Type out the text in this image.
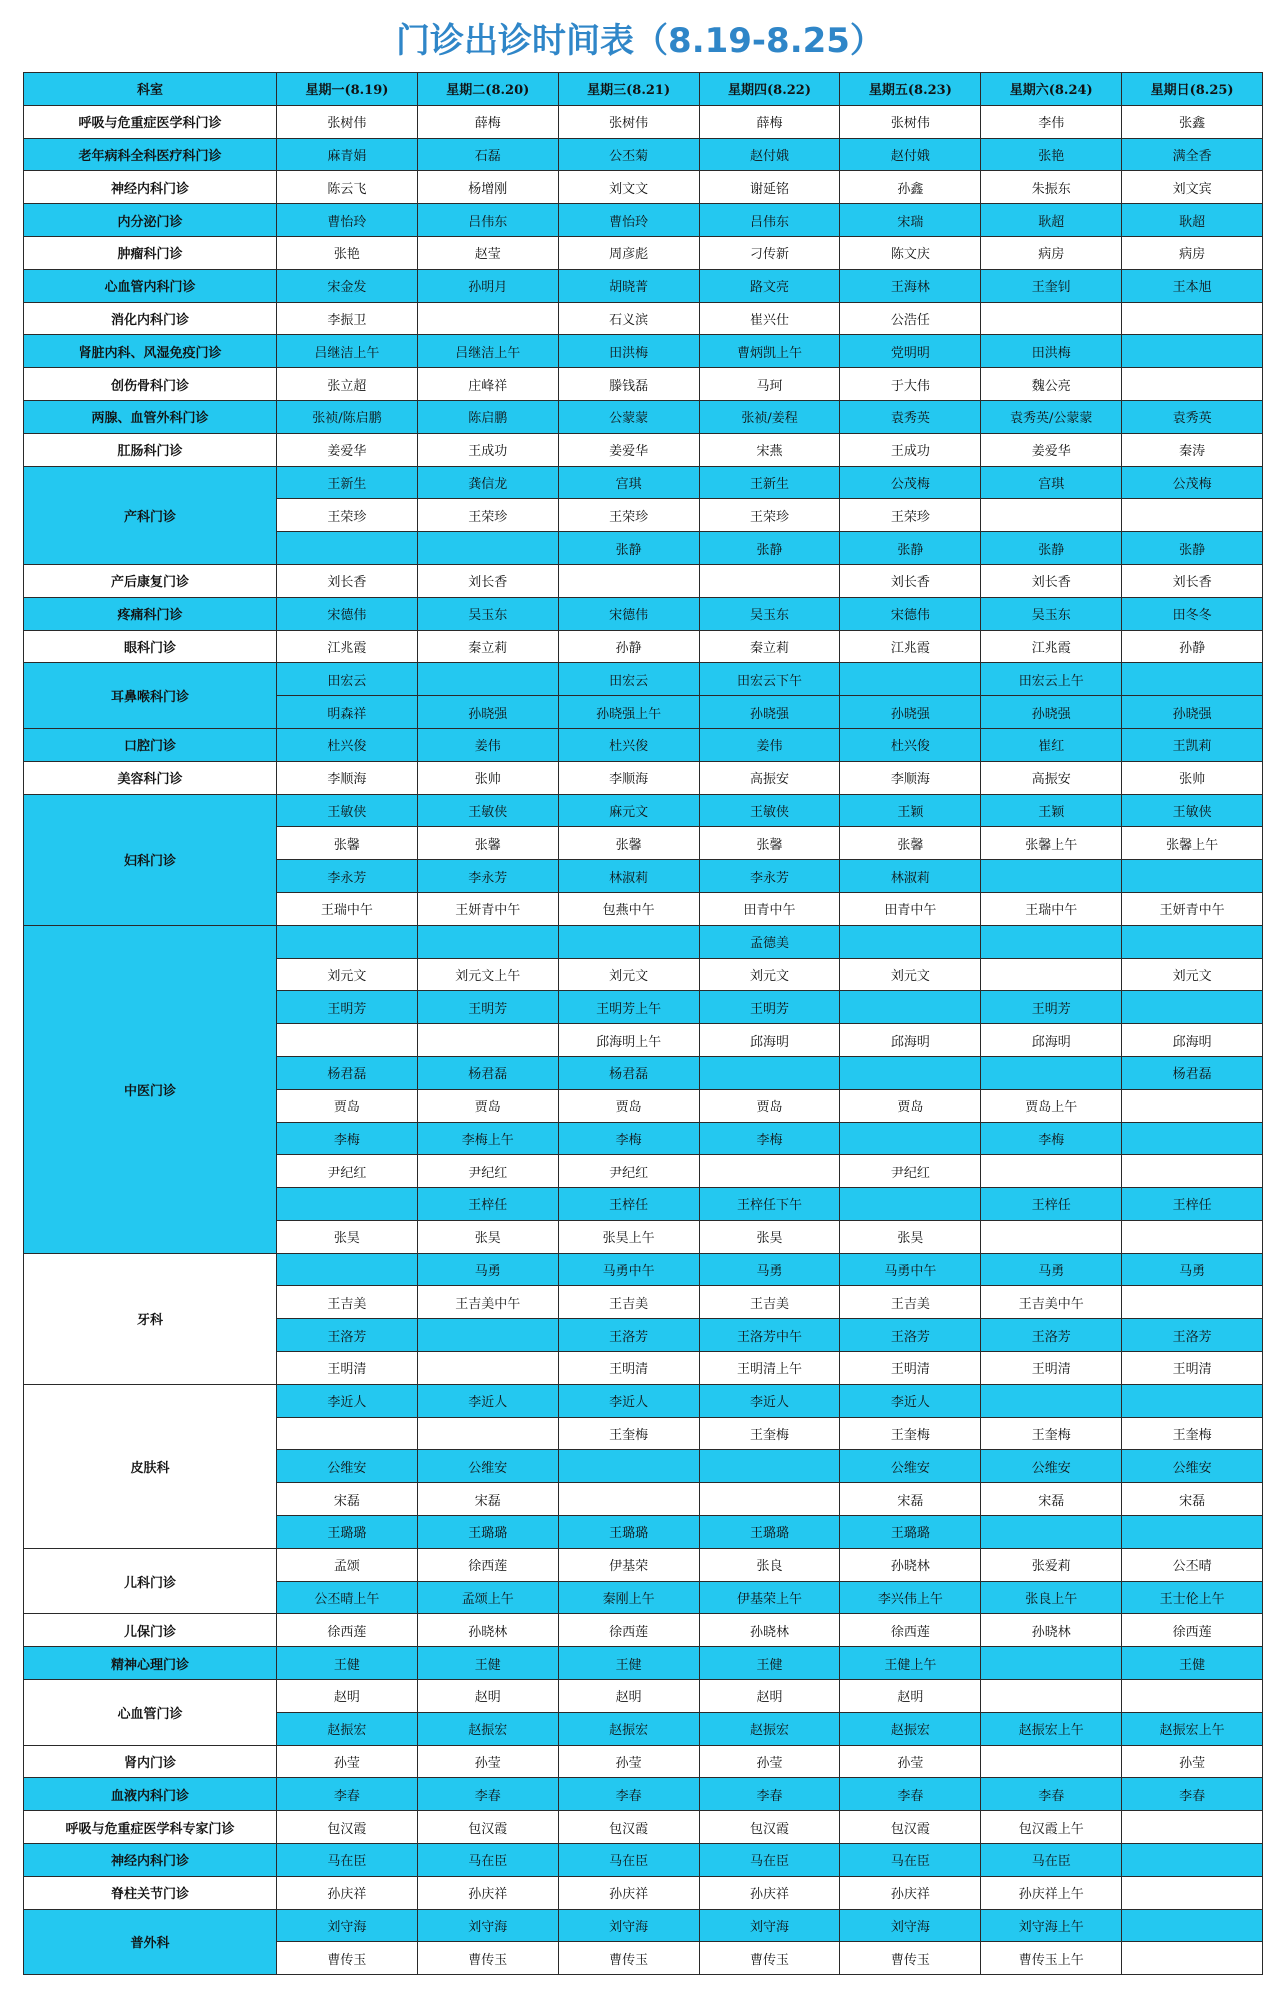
门诊出诊时间表（8.19-8.25）
科室	星期一(8.19)	星期二(8.20)	星期三(8.21)	星期四(8.22)	星期五(8.23)	星期六(8.24)	星期日(8.25)
呼吸与危重症医学科门诊	张树伟	薛梅	张树伟	薛梅	张树伟	李伟	张鑫
老年病科全科医疗科门诊	麻青娟	石磊	公丕菊	赵付娥	赵付娥	张艳	满全香
神经内科门诊	陈云飞	杨增刚	刘文文	谢延铭	孙鑫	朱振东	刘文宾
内分泌门诊	曹怡玲	吕伟东	曹怡玲	吕伟东	宋瑞	耿超	耿超
肿瘤科门诊	张艳	赵莹	周彦彪	刁传新	陈文庆	病房	病房
心血管内科门诊	宋金发	孙明月	胡晓菁	路文亮	王海林	王奎钊	王本旭
消化内科门诊	李振卫		石义滨	崔兴仕	公浩任		
肾脏内科、风湿免疫门诊	吕继洁上午	吕继洁上午	田洪梅	曹炳凯上午	党明明	田洪梅	
创伤骨科门诊	张立超	庄峰祥	滕钱磊	马珂	于大伟	魏公亮	
两腺、血管外科门诊	张祯/陈启鹏	陈启鹏	公蒙蒙	张祯/姜程	袁秀英	袁秀英/公蒙蒙	袁秀英
肛肠科门诊	姜爱华	王成功	姜爱华	宋燕	王成功	姜爱华	秦涛
产科门诊	王新生	龚信龙	宫琪	王新生	公茂梅	宫琪	公茂梅
	王荣珍	王荣珍	王荣珍	王荣珍	王荣珍		
			张静	张静	张静	张静	张静
产后康复门诊	刘长香	刘长香			刘长香	刘长香	刘长香
疼痛科门诊	宋德伟	吴玉东	宋德伟	吴玉东	宋德伟	吴玉东	田冬冬
眼科门诊	江兆霞	秦立莉	孙静	秦立莉	江兆霞	江兆霞	孙静
耳鼻喉科门诊	田宏云		田宏云	田宏云下午		田宏云上午	
	明森祥	孙晓强	孙晓强上午	孙晓强	孙晓强	孙晓强	孙晓强
口腔门诊	杜兴俊	姜伟	杜兴俊	姜伟	杜兴俊	崔红	王凯莉
美容科门诊	李顺海	张帅	李顺海	高振安	李顺海	高振安	张帅
妇科门诊	王敏侠	王敏侠	麻元文	王敏侠	王颖	王颖	王敏侠
	张馨	张馨	张馨	张馨	张馨	张馨上午	张馨上午
	李永芳	李永芳	林淑莉	李永芳	林淑莉		
	王瑞中午	王妍青中午	包燕中午	田青中午	田青中午	王瑞中午	王妍青中午
中医门诊				孟德美			
	刘元文	刘元文上午	刘元文	刘元文	刘元文		刘元文
	王明芳	王明芳	王明芳上午	王明芳		王明芳	
			邱海明上午	邱海明	邱海明	邱海明	邱海明
	杨君磊	杨君磊	杨君磊				杨君磊
	贾岛	贾岛	贾岛	贾岛	贾岛	贾岛上午	
	李梅	李梅上午	李梅	李梅		李梅	
	尹纪红	尹纪红	尹纪红		尹纪红		
		王梓任	王梓任	王梓任下午		王梓任	王梓任
	张昊	张昊	张昊上午	张昊	张昊		
牙科		马勇	马勇中午	马勇	马勇中午	马勇	马勇
	王吉美	王吉美中午	王吉美	王吉美	王吉美	王吉美中午	
	王洛芳		王洛芳	王洛芳中午	王洛芳	王洛芳	王洛芳
	王明清		王明清	王明清上午	王明清	王明清	王明清
皮肤科	李近人	李近人	李近人	李近人	李近人		
			王奎梅	王奎梅	王奎梅	王奎梅	王奎梅
	公维安	公维安			公维安	公维安	公维安
	宋磊	宋磊			宋磊	宋磊	宋磊
	王璐璐	王璐璐	王璐璐	王璐璐	王璐璐		
儿科门诊	孟颂	徐西莲	伊基荣	张良	孙晓林	张爱莉	公丕晴
	公丕晴上午	孟颂上午	秦刚上午	伊基荣上午	李兴伟上午	张良上午	王士伦上午
儿保门诊	徐西莲	孙晓林	徐西莲	孙晓林	徐西莲	孙晓林	徐西莲
精神心理门诊	王健	王健	王健	王健	王健上午		王健
心血管门诊	赵明	赵明	赵明	赵明	赵明		
	赵振宏	赵振宏	赵振宏	赵振宏	赵振宏	赵振宏上午	赵振宏上午
肾内门诊	孙莹	孙莹	孙莹	孙莹	孙莹		孙莹
血液内科门诊	李春	李春	李春	李春	李春	李春	李春
呼吸与危重症医学科专家门诊	包汉霞	包汉霞	包汉霞	包汉霞	包汉霞	包汉霞上午	
神经内科门诊	马在臣	马在臣	马在臣	马在臣	马在臣	马在臣	
脊柱关节门诊	孙庆祥	孙庆祥	孙庆祥	孙庆祥	孙庆祥	孙庆祥上午	
普外科	刘守海	刘守海	刘守海	刘守海	刘守海	刘守海上午	
	曹传玉	曹传玉	曹传玉	曹传玉	曹传玉	曹传玉上午	
